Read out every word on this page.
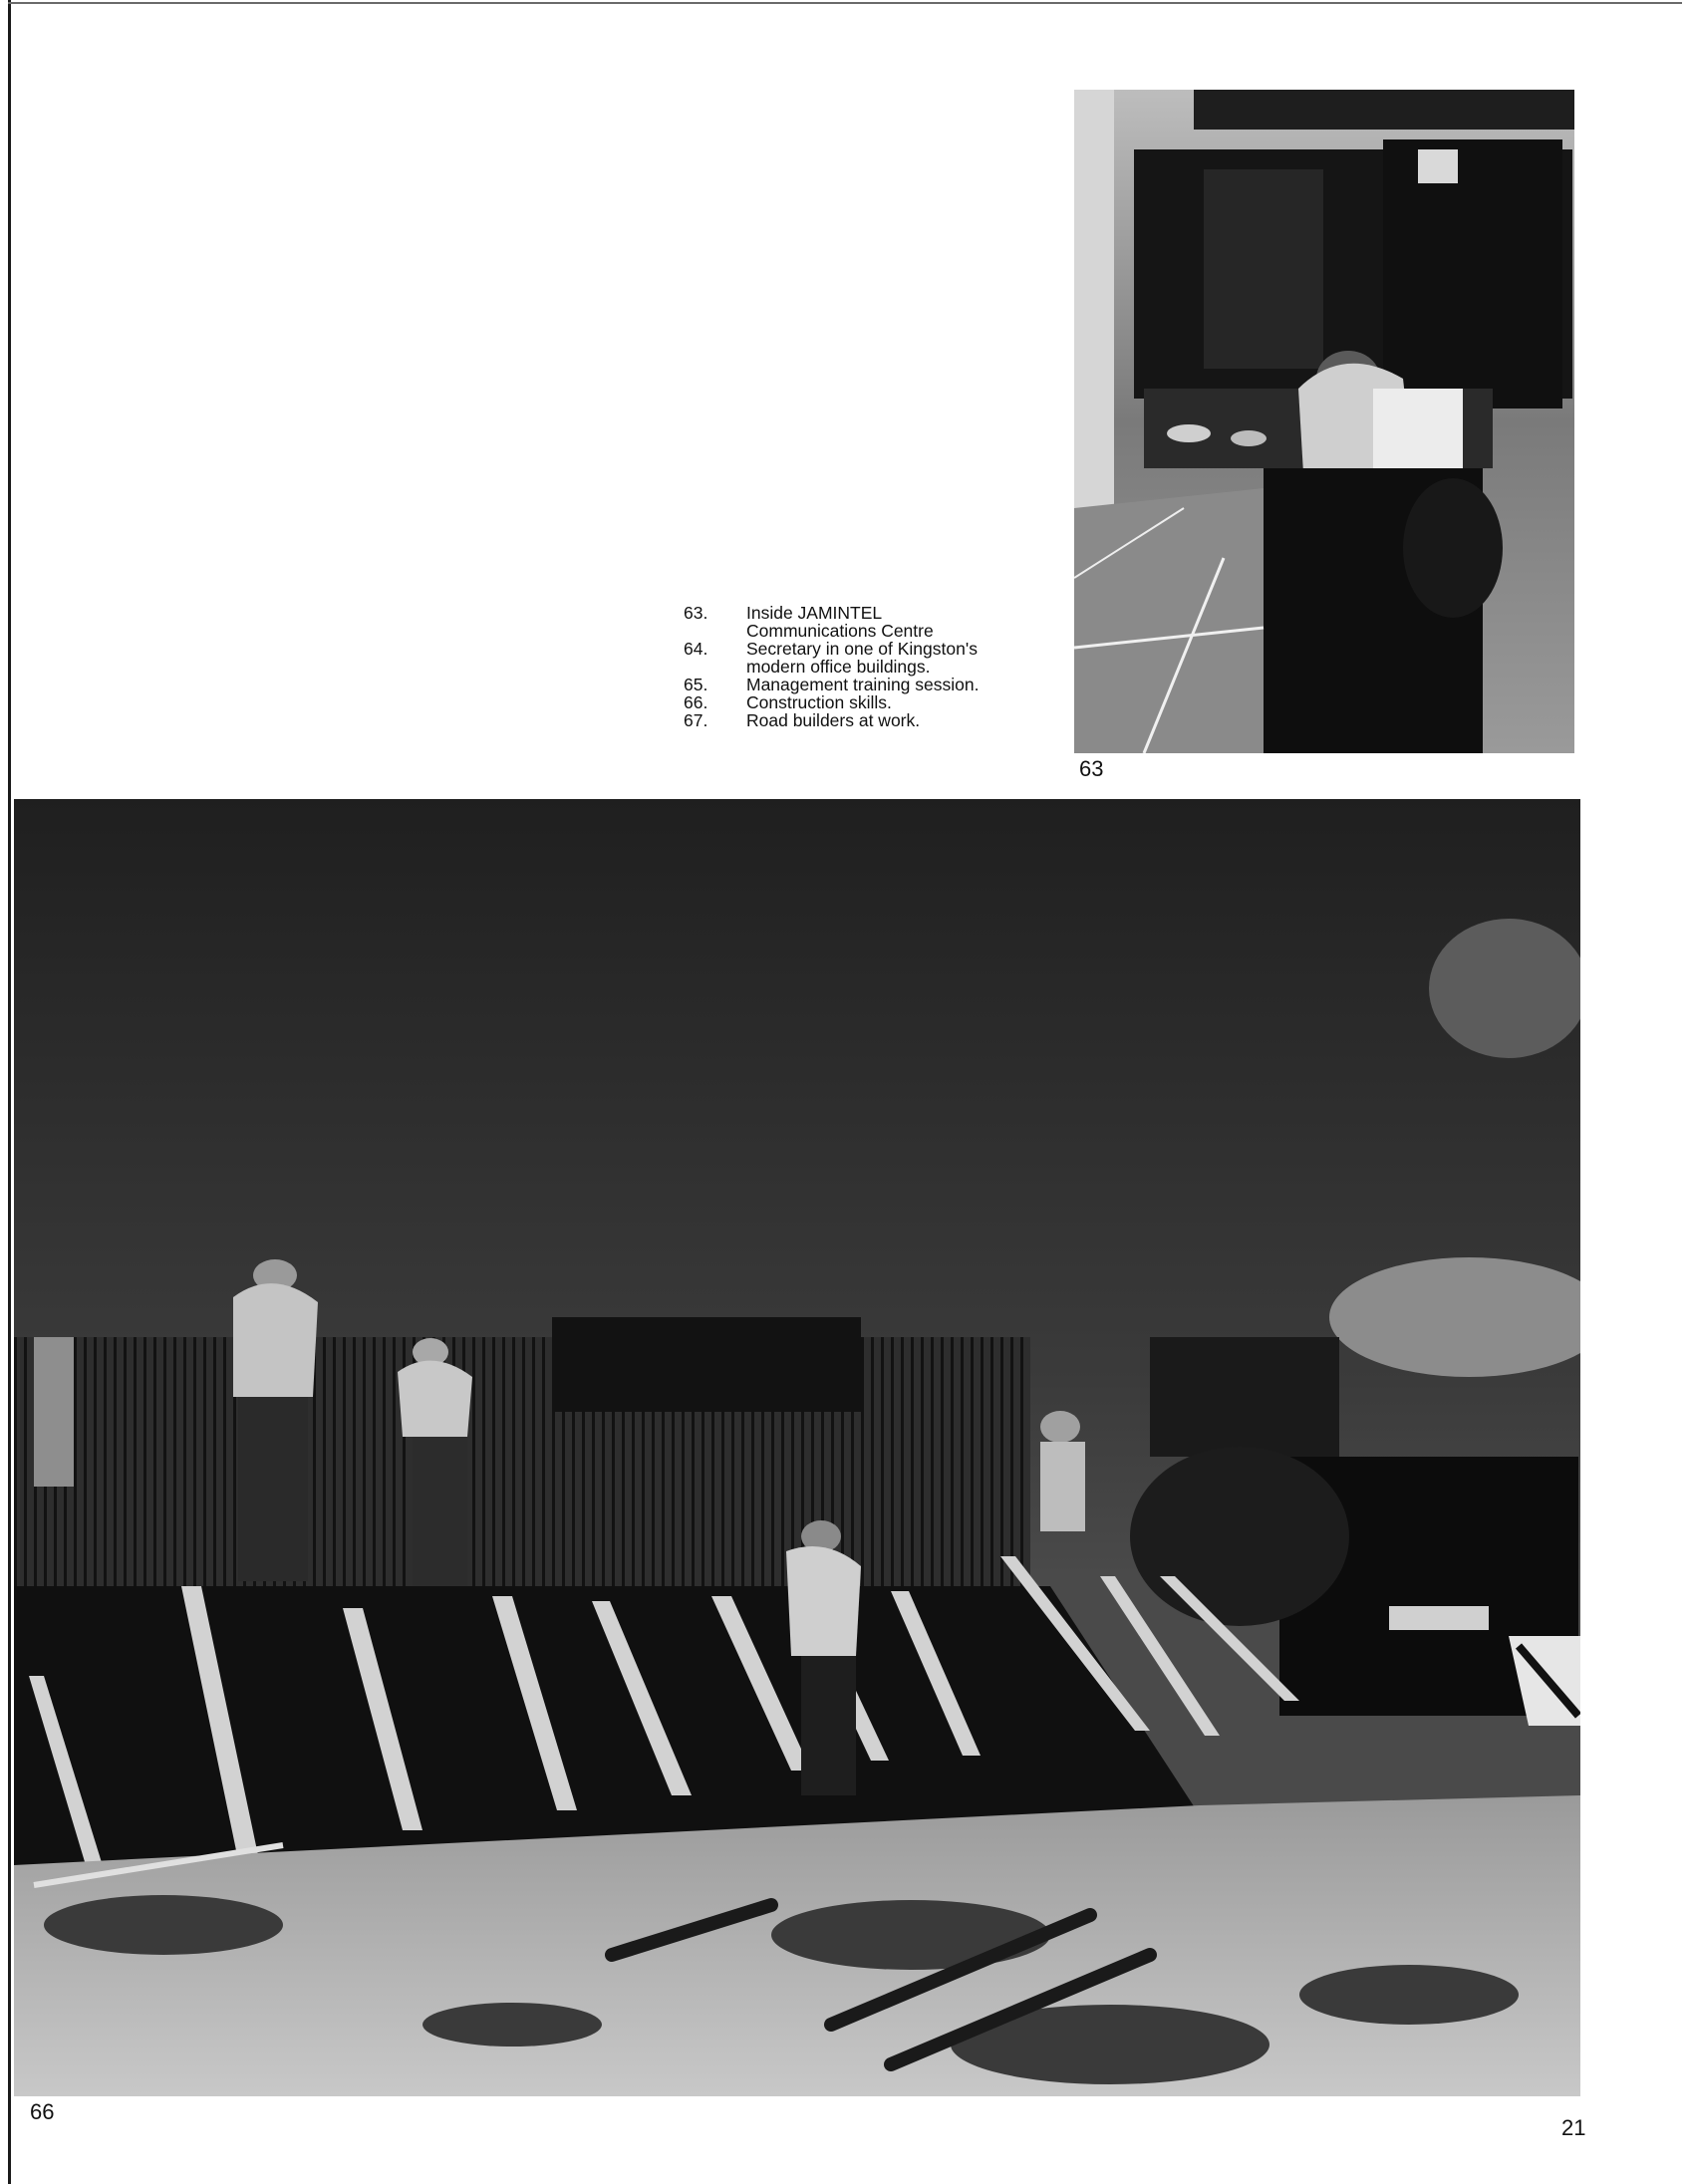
63
63.	Inside JAMINTEL
Communications Centre
64.	Secretary in one of Kingston's
modern office buildings.
65.	Management training session.
66.	Construction skills.
67.	Road builders at work.
66
21
